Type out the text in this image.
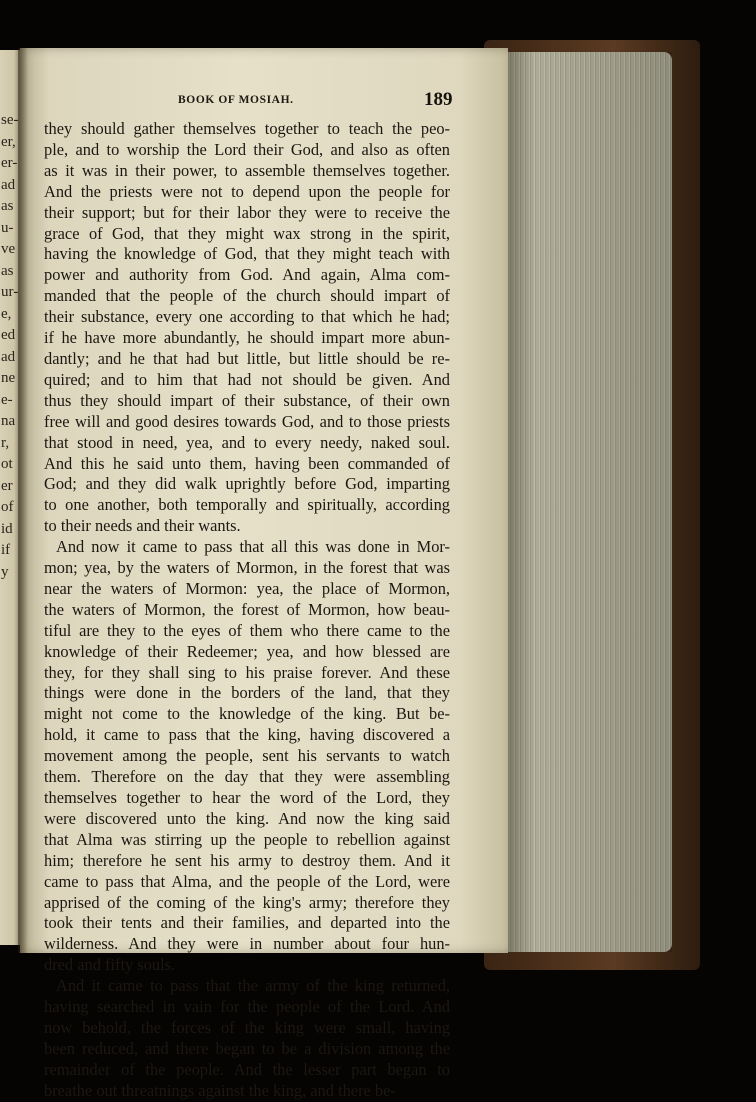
se-
er,
er-
ad
as
u-
ve
as
ur-
e,
ed
ad
ne
e-
na
r,
ot
er
of
id
if
y
BOOK OF MOSIAH.	189
they should gather themselves together to teach the peo-
ple, and to worship the Lord their God, and also as often
as it was in their power, to assemble themselves together.
And the priests were not to depend upon the people for
their support; but for their labor they were to receive the
grace of God, that they might wax strong in the spirit,
having the knowledge of God, that they might teach with
power and authority from God. And again, Alma com-
manded that the people of the church should impart of
their substance, every one according to that which he had;
if he have more abundantly, he should impart more abun-
dantly; and he that had but little, but little should be re-
quired; and to him that had not should be given. And
thus they should impart of their substance, of their own
free will and good desires towards God, and to those priests
that stood in need, yea, and to every needy, naked soul.
And this he said unto them, having been commanded of
God; and they did walk uprightly before God, imparting
to one another, both temporally and spiritually, according
to their needs and their wants.
And now it came to pass that all this was done in Mor-
mon; yea, by the waters of Mormon, in the forest that was
near the waters of Mormon: yea, the place of Mormon,
the waters of Mormon, the forest of Mormon, how beau-
tiful are they to the eyes of them who there came to the
knowledge of their Redeemer; yea, and how blessed are
they, for they shall sing to his praise forever. And these
things were done in the borders of the land, that they
might not come to the knowledge of the king. But be-
hold, it came to pass that the king, having discovered a
movement among the people, sent his servants to watch
them. Therefore on the day that they were assembling
themselves together to hear the word of the Lord, they
were discovered unto the king. And now the king said
that Alma was stirring up the people to rebellion against
him; therefore he sent his army to destroy them. And it
came to pass that Alma, and the people of the Lord, were
apprised of the coming of the king's army; therefore they
took their tents and their families, and departed into the
wilderness. And they were in number about four hun-
dred and fifty souls.
And it came to pass that the army of the king returned,
having searched in vain for the people of the Lord. And
now behold, the forces of the king were small, having
been reduced, and there began to be a division among the
remainder of the people. And the lesser part began to
breathe out threatnings against the king, and there be-
